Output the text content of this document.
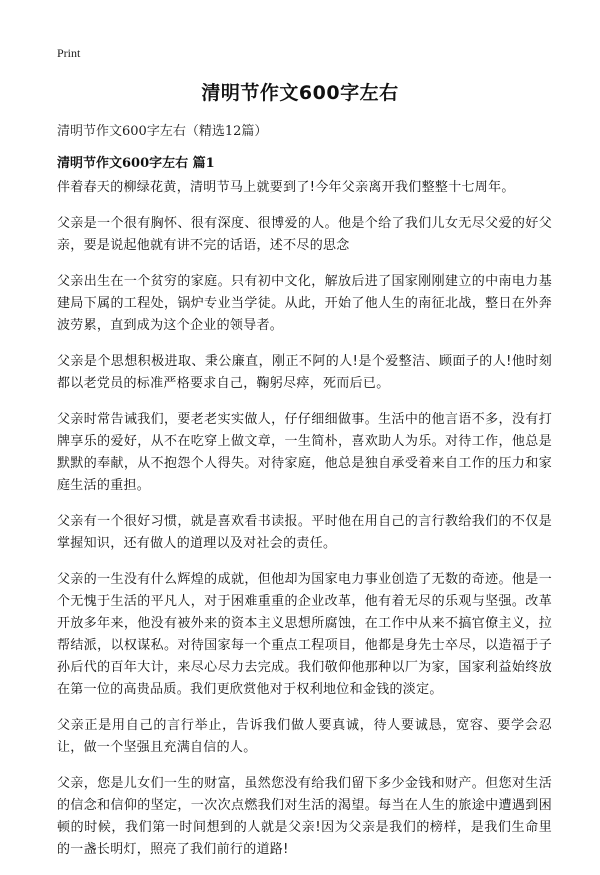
Print
清明节作文600字左右
清明节作文600字左右（精选12篇）
清明节作文600字左右 篇1

伴着春天的柳绿花黄，清明节马上就要到了!今年父亲离开我们整整十七周年。

父亲是一个很有胸怀、很有深度、很博爱的人。他是个给了我们儿女无尽父爱的好父亲，要是说起他就有讲不完的话语，述不尽的思念

父亲出生在一个贫穷的家庭。只有初中文化，解放后进了国家刚刚建立的中南电力基建局下属的工程处，锅炉专业当学徒。从此，开始了他人生的南征北战，整日在外奔波劳累，直到成为这个企业的领导者。

父亲是个思想积极进取、秉公廉直，刚正不阿的人!是个爱整洁、顾面子的人!他时刻都以老党员的标准严格要求自己，鞠躬尽瘁，死而后已。

父亲时常告诫我们，要老老实实做人，仔仔细细做事。生活中的他言语不多，没有打牌享乐的爱好，从不在吃穿上做文章，一生简朴，喜欢助人为乐。对待工作，他总是默默的奉献，从不抱怨个人得失。对待家庭，他总是独自承受着来自工作的压力和家庭生活的重担。

父亲有一个很好习惯，就是喜欢看书读报。平时他在用自己的言行教给我们的不仅是掌握知识，还有做人的道理以及对社会的责任。

父亲的一生没有什么辉煌的成就，但他却为国家电力事业创造了无数的奇迹。他是一个无愧于生活的平凡人，对于困难重重的企业改革，他有着无尽的乐观与坚强。改革开放多年来，他没有被外来的资本主义思想所腐蚀，在工作中从来不搞官僚主义，拉帮结派，以权谋私。对待国家每一个重点工程项目，他都是身先士卒尽，以造福于子孙后代的百年大计，来尽心尽力去完成。我们敬仰他那种以厂为家，国家利益始终放在第一位的高贵品质。我们更欣赏他对于权利地位和金钱的淡定。

父亲正是用自己的言行举止，告诉我们做人要真诚，待人要诚恳，宽容、要学会忍让，做一个坚强且充满自信的人。

父亲，您是儿女们一生的财富，虽然您没有给我们留下多少金钱和财产。但您对生活的信念和信仰的坚定，一次次点燃我们对生活的渴望。每当在人生的旅途中遭遇到困顿的时候，我们第一时间想到的人就是父亲!因为父亲是我们的榜样，是我们生命里的一盏长明灯，照亮了我们前行的道路!
